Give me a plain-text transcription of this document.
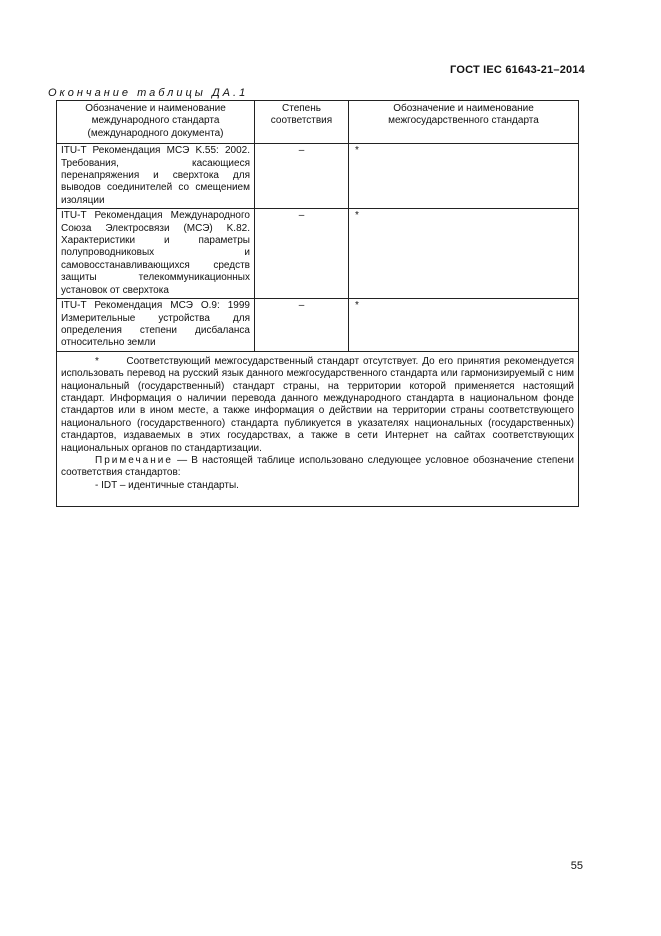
ГОСТ IEC 61643-21–2014
Окончание таблицы ДА.1
Обозначение и наименование международного стандарта (международного документа)	Степень соответствия	Обозначение и наименование межгосударственного стандарта
ITU-T Рекомендация МСЭ K.55: 2002. Требования, касающиеся перенапряжения и сверхтока для выводов соединителей со смещением изоляции	–	*
ITU-T Рекомендация Международного Союза Электросвязи (МСЭ) K.82. Характеристики и параметры полупроводниковых и самовосстанавливающихся средств защиты телекоммуникационных установок от сверхтока	–	*
ITU-T Рекомендация МСЭ O.9: 1999 Измерительные устройства для определения степени дисбаланса относительно земли	–	*

* Соответствующий межгосударственный стандарт отсутствует. До его принятия рекомендуется использовать перевод на русский язык данного межгосударственного стандарта или гармонизируемый с ним национальный (государственный) стандарт страны, на территории которой применяется настоящий стандарт. Информация о наличии перевода данного международного стандарта в национальном фонде стандартов или в ином месте, а также информация о действии на территории страны соответствующего национального (государственного) стандарта публикуется в указателях национальных (государственных) стандартов, издаваемых в этих государствах, а также в сети Интернет на сайтах соответствующих национальных органов по стандартизации.
Примечание — В настоящей таблице использовано следующее условное обозначение степени соответствия стандартов:
- IDT – идентичные стандарты.		
55
